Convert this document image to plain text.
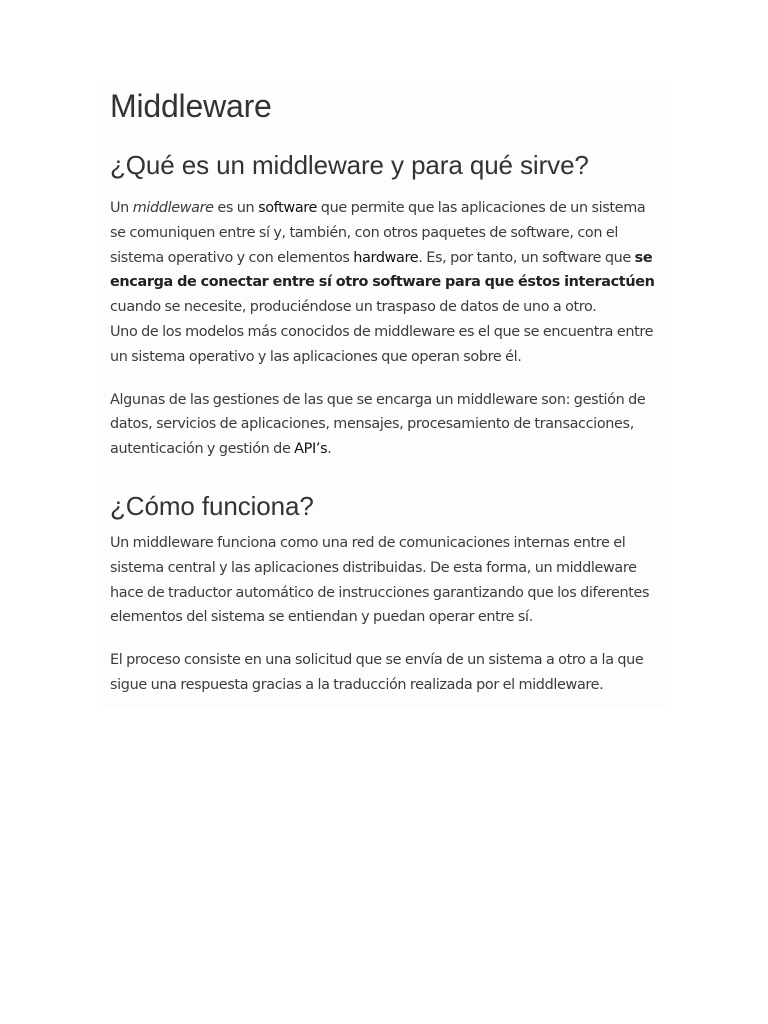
Middleware
¿Qué es un middleware y para qué sirve?

Un middleware es un software que permite que las aplicaciones de un sistema se comuniquen entre sí y, también, con otros paquetes de software, con el sistema operativo y con elementos hardware. Es, por tanto, un software que se encarga de conectar entre sí otro software para que éstos interactúen cuando se necesite, produciéndose un traspaso de datos de uno a otro.
Uno de los modelos más conocidos de middleware es el que se encuentra entre un sistema operativo y las aplicaciones que operan sobre él.

Algunas de las gestiones de las que se encarga un middleware son: gestión de datos, servicios de aplicaciones, mensajes, procesamiento de transacciones, autenticación y gestión de API’s.

¿Cómo funciona?

Un middleware funciona como una red de comunicaciones internas entre el sistema central y las aplicaciones distribuidas. De esta forma, un middleware hace de traductor automático de instrucciones garantizando que los diferentes elementos del sistema se entiendan y puedan operar entre sí.

El proceso consiste en una solicitud que se envía de un sistema a otro a la que sigue una respuesta gracias a la traducción realizada por el middleware.
